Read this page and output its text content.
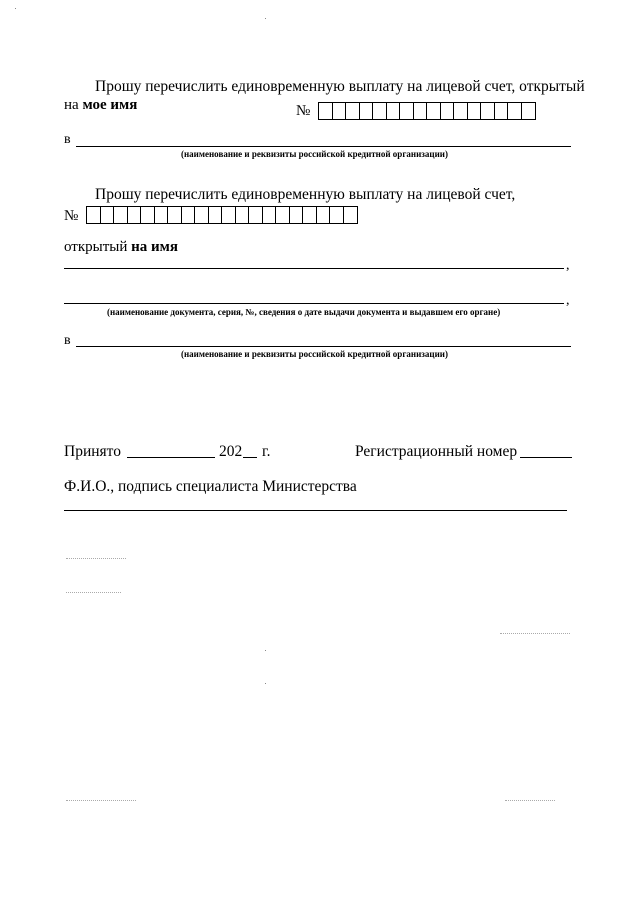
Прошу перечислить единовременную выплату на лицевой счет, открытый
на мое имя	№
в
(наименование и реквизиты российской кредитной организации)
Прошу перечислить единовременную выплату на лицевой счет,
№
открытый на имя
,
,
(наименование документа, серия, №, сведения о дате выдачи документа и выдавшем его органе)
в
(наименование и реквизиты российской кредитной организации)
Принято	202 г.	Регистрационный номер
Ф.И.О., подпись специалиста Министерства
